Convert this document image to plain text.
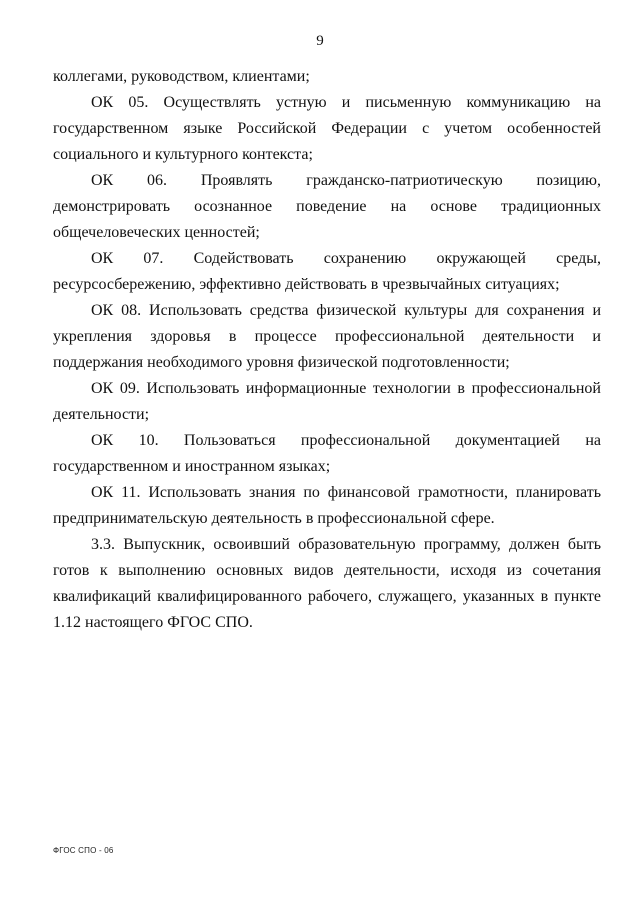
9

коллегами, руководством, клиентами;

ОК 05. Осуществлять устную и письменную коммуникацию на государственном языке Российской Федерации с учетом особенностей социального и культурного контекста;

ОК 06. Проявлять гражданско-патриотическую позицию, демонстрировать осознанное поведение на основе традиционных общечеловеческих ценностей;

ОК 07. Содействовать сохранению окружающей среды, ресурсосбережению, эффективно действовать в чрезвычайных ситуациях;

ОК 08. Использовать средства физической культуры для сохранения и укрепления здоровья в процессе профессиональной деятельности и поддержания необходимого уровня физической подготовленности;

ОК 09. Использовать информационные технологии в профессиональной деятельности;

ОК 10. Пользоваться профессиональной документацией на государственном и иностранном языках;

ОК 11. Использовать знания по финансовой грамотности, планировать предпринимательскую деятельность в профессиональной сфере.

3.3. Выпускник, освоивший образовательную программу, должен быть готов к выполнению основных видов деятельности, исходя из сочетания квалификаций квалифицированного рабочего, служащего, указанных в пункте 1.12 настоящего ФГОС СПО.

ФГОС СПО - 06
